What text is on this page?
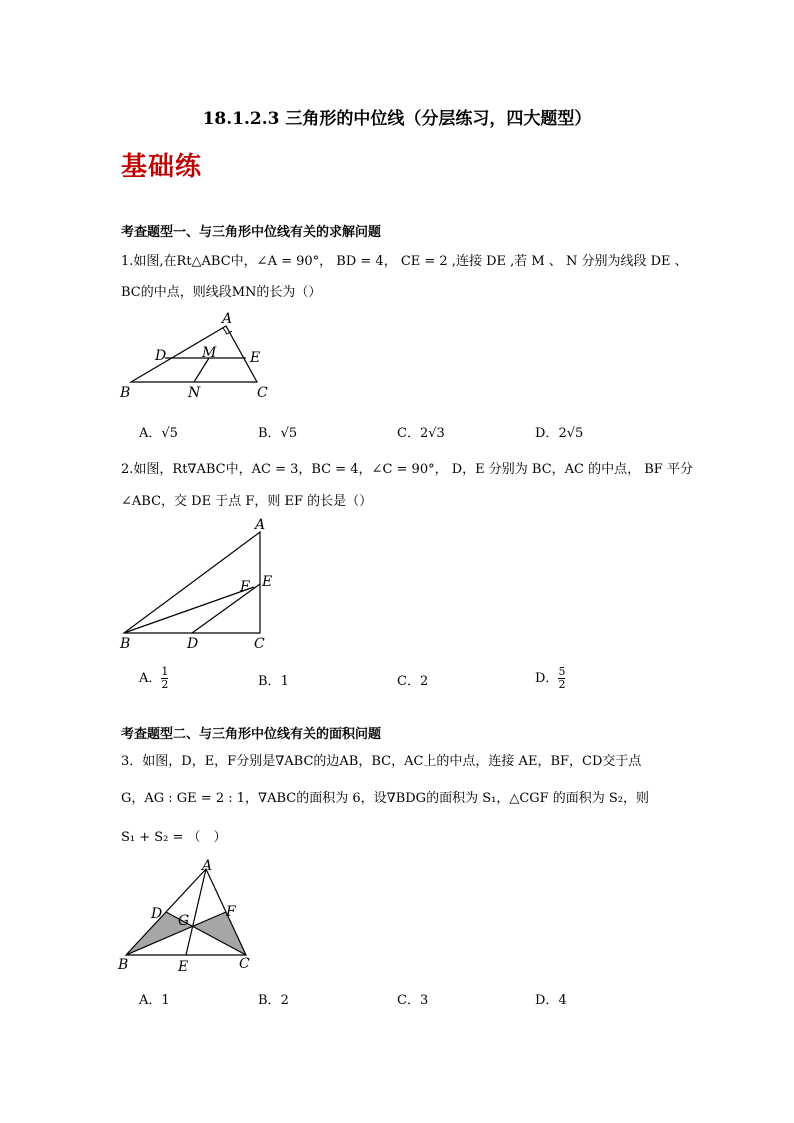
18.1.2.3 三角形的中位线（分层练习，四大题型）
基础练
考查题型一、与三角形中位线有关的求解问题
1.如图,在Rt△ABC中，∠A = 90°， BD = 4， CE = 2 ,连接 DE ,若 M 、 N 分别为线段 DE 、
BC的中点，则线段MN的长为（）
A
B	C
D	E
M
N
A．√5	B．√5	C．2√3	D．2√5
2.如图，Rt∇ABC中，AC = 3，BC = 4，∠C = 90°， D，E 分别为 BC，AC 的中点， BF 平分
∠ABC，交 DE 于点 F，则 EF 的长是（）
A
B	C
D
E
F
A． $\frac{1}{2}$	B．1	C．2	D． $\frac{5}{2}$
考查题型二、与三角形中位线有关的面积问题
3．如图，D，E，F分别是∇ABC的边AB，BC，AC上的中点，连接 AE，BF，CD交于点
G，AG : GE = 2 : 1，∇ABC的面积为 6，设∇BDG的面积为 S₁，△CGF 的面积为 S₂，则
S₁ + S₂ = （　）
A
B	C
D
E
F
G
A．1	B．2	C．3	D．4
